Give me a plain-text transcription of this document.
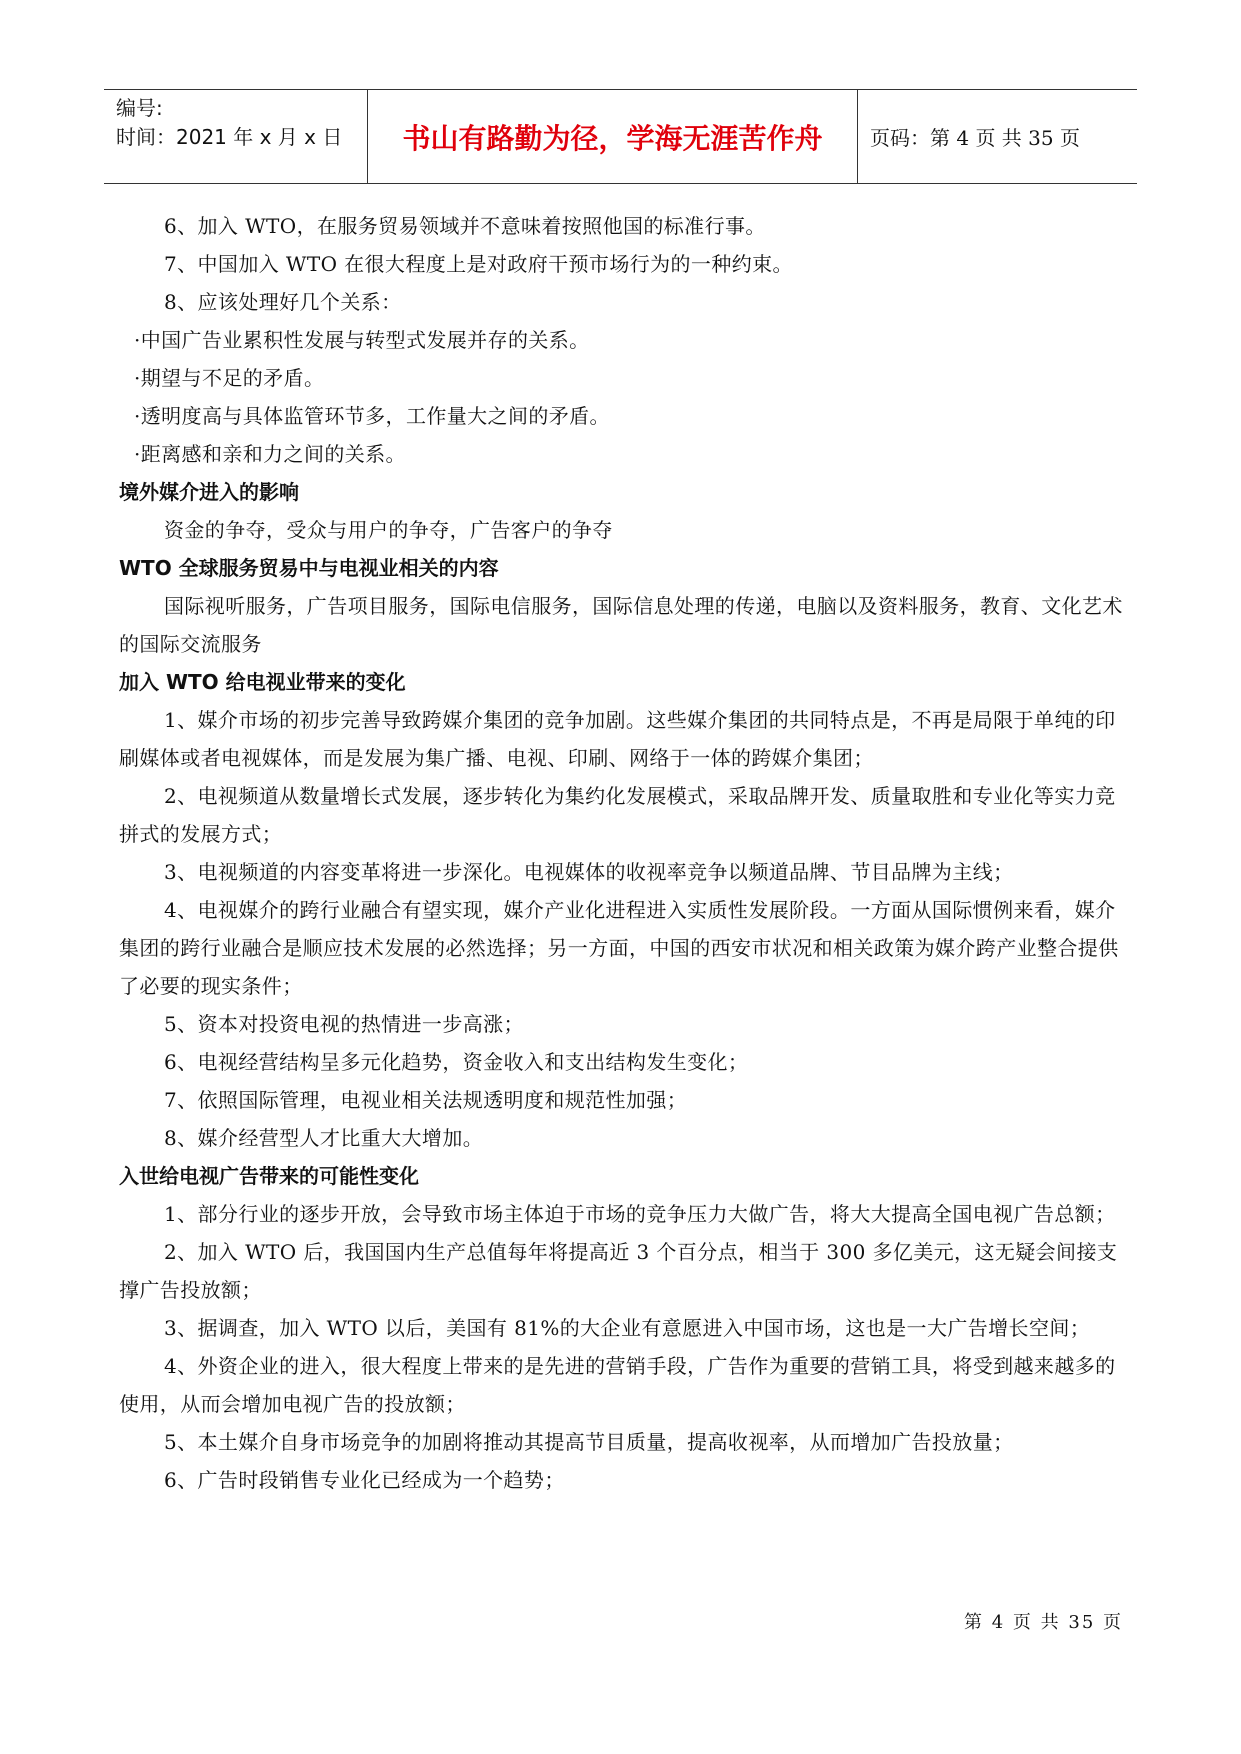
编号:
时间：2021 年 x 月 x 日	书山有路勤为径，学海无涯苦作舟	页码：第 4 页 共 35 页

6、加入 WTO，在服务贸易领域并不意味着按照他国的标准行事。

7、中国加入 WTO 在很大程度上是对政府干预市场行为的一种约束。

8、应该处理好几个关系：

·中国广告业累积性发展与转型式发展并存的关系。

·期望与不足的矛盾。

·透明度高与具体监管环节多，工作量大之间的矛盾。

·距离感和亲和力之间的关系。

境外媒介进入的影响

资金的争夺，受众与用户的争夺，广告客户的争夺

WTO 全球服务贸易中与电视业相关的内容

国际视听服务，广告项目服务，国际电信服务，国际信息处理的传递，电脑以及资料服务，教育、文化艺术的国际交流服务

加入 WTO 给电视业带来的变化

1、媒介市场的初步完善导致跨媒介集团的竞争加剧。这些媒介集团的共同特点是，不再是局限于单纯的印刷媒体或者电视媒体，而是发展为集广播、电视、印刷、网络于一体的跨媒介集团；

2、电视频道从数量增长式发展，逐步转化为集约化发展模式，采取品牌开发、质量取胜和专业化等实力竞拼式的发展方式；

3、电视频道的内容变革将进一步深化。电视媒体的收视率竞争以频道品牌、节目品牌为主线；

4、电视媒介的跨行业融合有望实现，媒介产业化进程进入实质性发展阶段。一方面从国际惯例来看，媒介集团的跨行业融合是顺应技术发展的必然选择；另一方面，中国的西安市状况和相关政策为媒介跨产业整合提供了必要的现实条件；

5、资本对投资电视的热情进一步高涨；

6、电视经营结构呈多元化趋势，资金收入和支出结构发生变化；

7、依照国际管理，电视业相关法规透明度和规范性加强；

8、媒介经营型人才比重大大增加。

入世给电视广告带来的可能性变化

1、部分行业的逐步开放，会导致市场主体迫于市场的竞争压力大做广告，将大大提高全国电视广告总额；

2、加入 WTO 后，我国国内生产总值每年将提高近 3 个百分点，相当于 300 多亿美元，这无疑会间接支撑广告投放额；

3、据调查，加入 WTO 以后，美国有 81%的大企业有意愿进入中国市场，这也是一大广告增长空间；

4、外资企业的进入，很大程度上带来的是先进的营销手段，广告作为重要的营销工具，将受到越来越多的使用，从而会增加电视广告的投放额；

5、本土媒介自身市场竞争的加剧将推动其提高节目质量，提高收视率，从而增加广告投放量；

6、广告时段销售专业化已经成为一个趋势；

第 4 页 共 35 页
